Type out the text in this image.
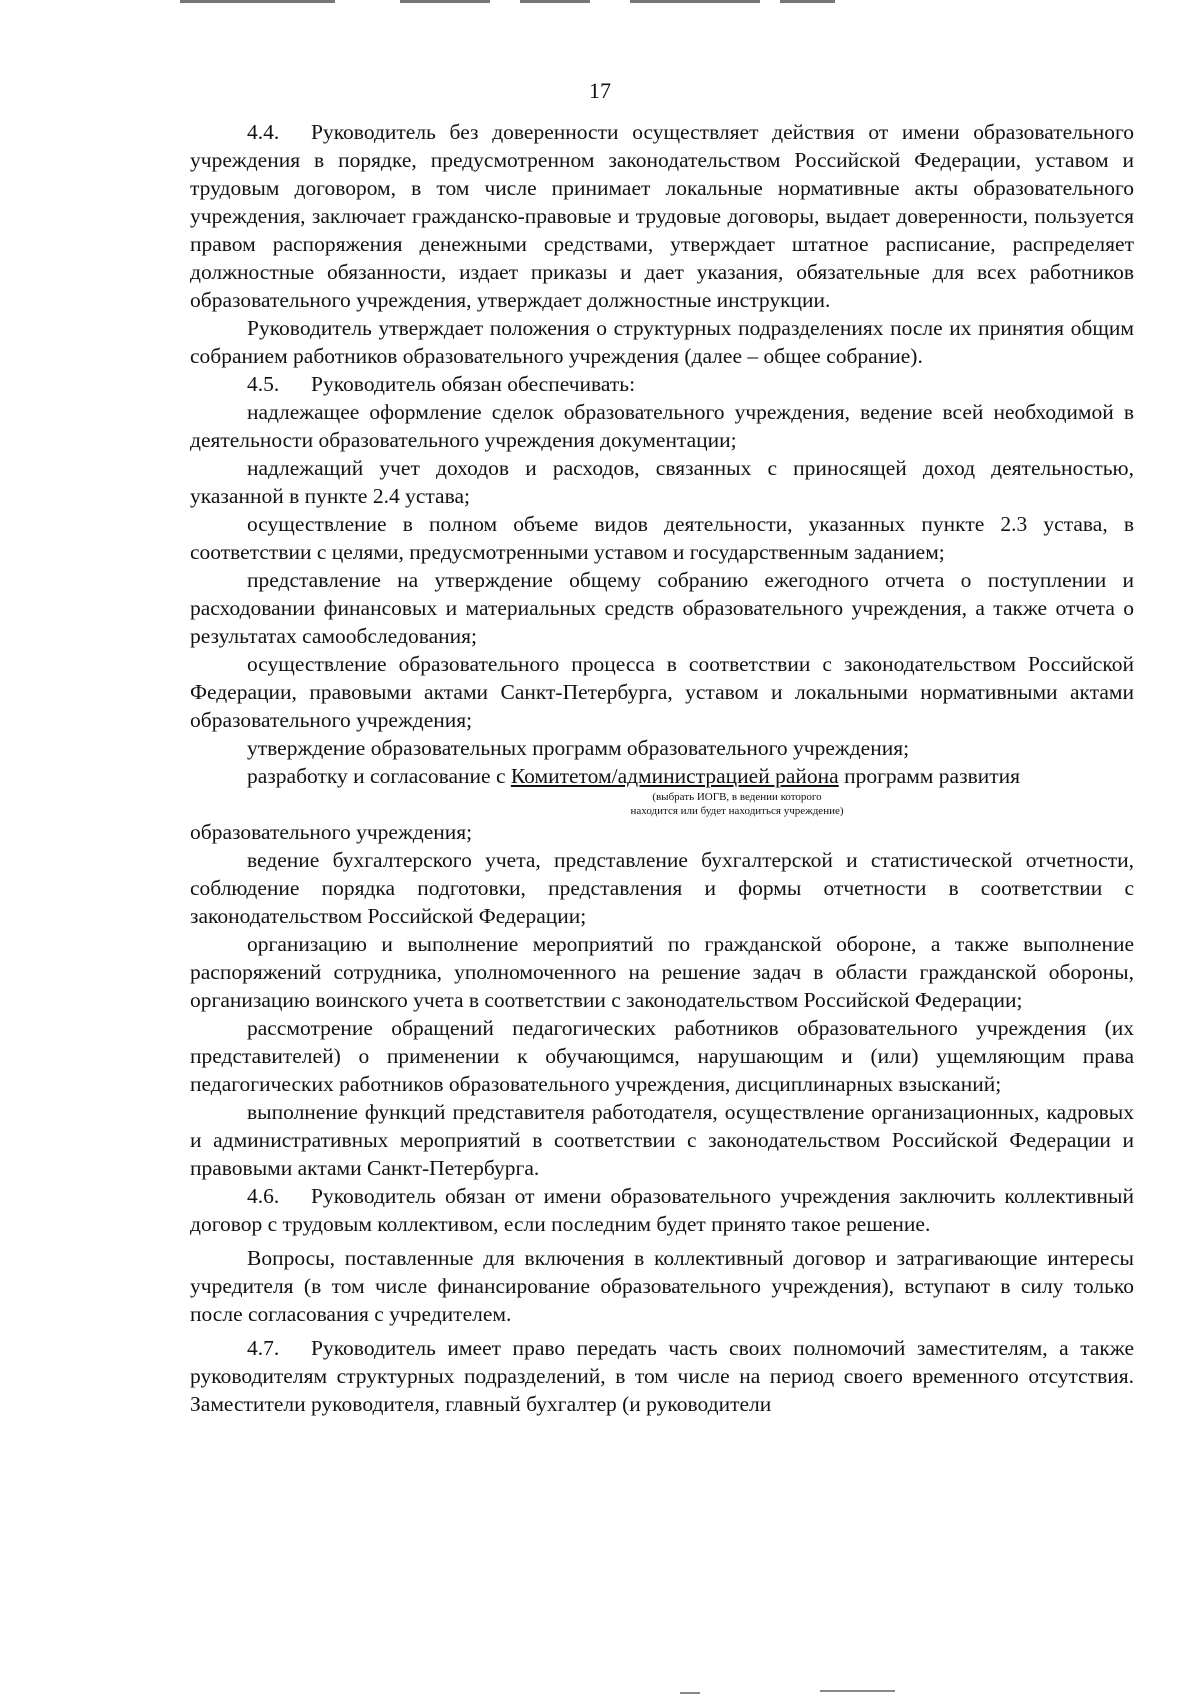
17

4.4. Руководитель без доверенности осуществляет действия от имени образовательного учреждения в порядке, предусмотренном законодательством Российской Федерации, уставом и трудовым договором, в том числе принимает локальные нормативные акты образовательного учреждения, заключает гражданско-правовые и трудовые договоры, выдает доверенности, пользуется правом распоряжения денежными средствами, утверждает штатное расписание, распределяет должностные обязанности, издает приказы и дает указания, обязательные для всех работников образовательного учреждения, утверждает должностные инструкции.

Руководитель утверждает положения о структурных подразделениях после их принятия общим собранием работников образовательного учреждения (далее – общее собрание).

4.5. Руководитель обязан обеспечивать:

надлежащее оформление сделок образовательного учреждения, ведение всей необходимой в деятельности образовательного учреждения документации;

надлежащий учет доходов и расходов, связанных с приносящей доход деятельностью, указанной в пункте 2.4 устава;

осуществление в полном объеме видов деятельности, указанных пункте 2.3 устава, в соответствии с целями, предусмотренными уставом и государственным заданием;

представление на утверждение общему собранию ежегодного отчета о поступлении и расходовании финансовых и материальных средств образовательного учреждения, а также отчета о результатах самообследования;

осуществление образовательного процесса в соответствии с законодательством Российской Федерации, правовыми актами Санкт-Петербурга, уставом и локальными нормативными актами образовательного учреждения;

утверждение образовательных программ образовательного учреждения;

разработку и согласование с Комитетом/администрацией района программ развития

(выбрать ИОГВ, в ведении которого

находится или будет находиться учреждение)

образовательного учреждения;

ведение бухгалтерского учета, представление бухгалтерской и статистической отчетности, соблюдение порядка подготовки, представления и формы отчетности в соответствии с законодательством Российской Федерации;

организацию и выполнение мероприятий по гражданской обороне, а также выполнение распоряжений сотрудника, уполномоченного на решение задач в области гражданской обороны, организацию воинского учета в соответствии с законодательством Российской Федерации;

рассмотрение обращений педагогических работников образовательного учреждения (их представителей) о применении к обучающимся, нарушающим и (или) ущемляющим права педагогических работников образовательного учреждения, дисциплинарных взысканий;

выполнение функций представителя работодателя, осуществление организационных, кадровых и административных мероприятий в соответствии с законодательством Российской Федерации и правовыми актами Санкт-Петербурга.

4.6. Руководитель обязан от имени образовательного учреждения заключить коллективный договор с трудовым коллективом, если последним будет принято такое решение.

Вопросы, поставленные для включения в коллективный договор и затрагивающие интересы учредителя (в том числе финансирование образовательного учреждения), вступают в силу только после согласования с учредителем.

4.7. Руководитель имеет право передать часть своих полномочий заместителям, а также руководителям структурных подразделений, в том числе на период своего временного отсутствия. Заместители руководителя, главный бухгалтер (и руководители
